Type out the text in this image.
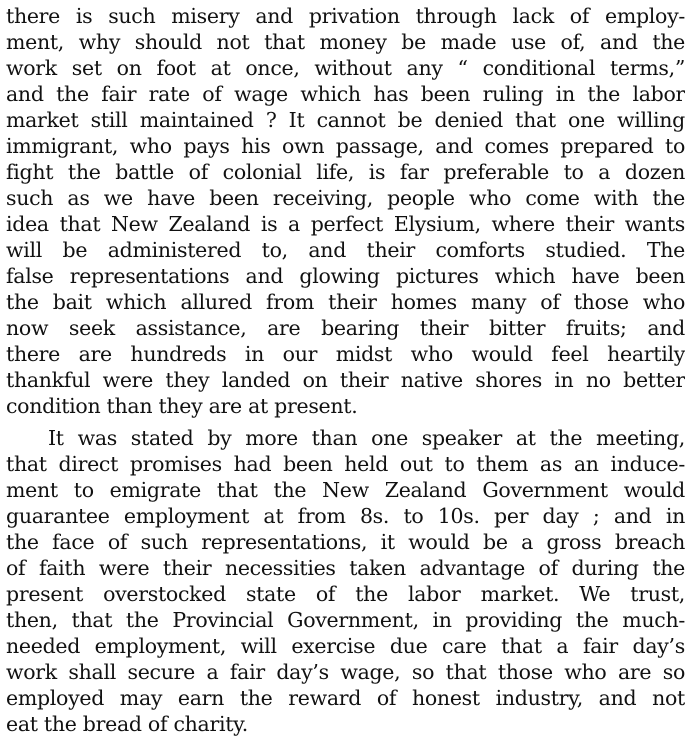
there is such misery and privation through lack of employ-
ment, why should not that money be made use of, and the
work set on foot at once, without any “ conditional terms,”
and the fair rate of wage which has been ruling in the labor
market still maintained ? It cannot be denied that one willing
immigrant, who pays his own passage, and comes prepared to
fight the battle of colonial life, is far preferable to a dozen
such as we have been receiving, people who come with the
idea that New Zealand is a perfect Elysium, where their wants
will be administered to, and their comforts studied. The
false representations and glowing pictures which have been
the bait which allured from their homes many of those who
now seek assistance, are bearing their bitter fruits; and
there are hundreds in our midst who would feel heartily
thankful were they landed on their native shores in no better
condition than they are at present.
It was stated by more than one speaker at the meeting,
that direct promises had been held out to them as an induce-
ment to emigrate that the New Zealand Government would
guarantee employment at from 8s. to 10s. per day ; and in
the face of such representations, it would be a gross breach
of faith were their necessities taken advantage of during the
present overstocked state of the labor market. We trust,
then, that the Provincial Government, in providing the much-
needed employment, will exercise due care that a fair day’s
work shall secure a fair day’s wage, so that those who are so
employed may earn the reward of honest industry, and not
eat the bread of charity.
